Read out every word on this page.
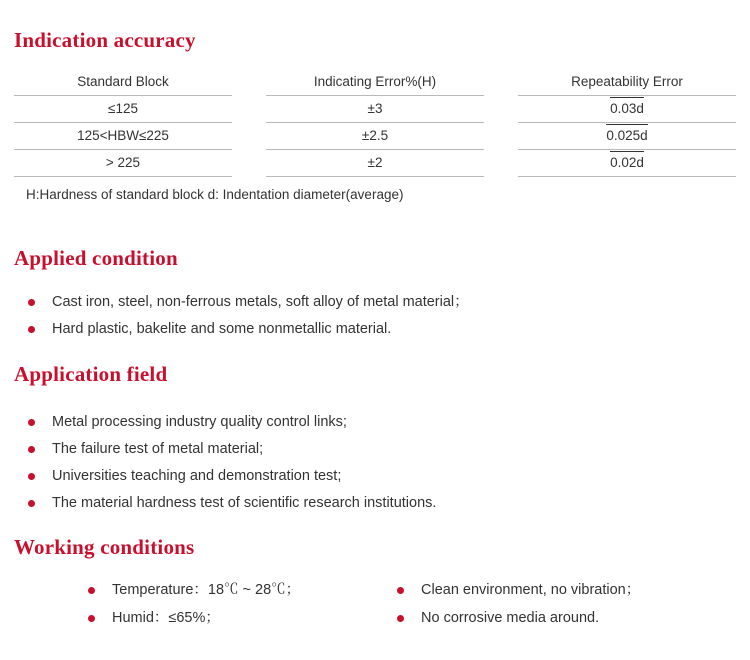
Indication accuracy
Standard Block
≤125
125<HBW≤225
> 225
Indicating Error%(H)
±3
±2.5
±2
Repeatability Error
0.03d
0.025d
0.02d
H:Hardness of standard block d: Indentation diameter(average)
Applied condition
Cast iron, steel, non-ferrous metals, soft alloy of metal material；
Hard plastic, bakelite and some nonmetallic material.
Application field
Metal processing industry quality control links;
The failure test of metal material;
Universities teaching and demonstration test;
The material hardness test of scientific research institutions.
Working conditions
Temperature：18℃ ~ 28℃；
Humid：≤65%；
Clean environment, no vibration；
No corrosive media around.
